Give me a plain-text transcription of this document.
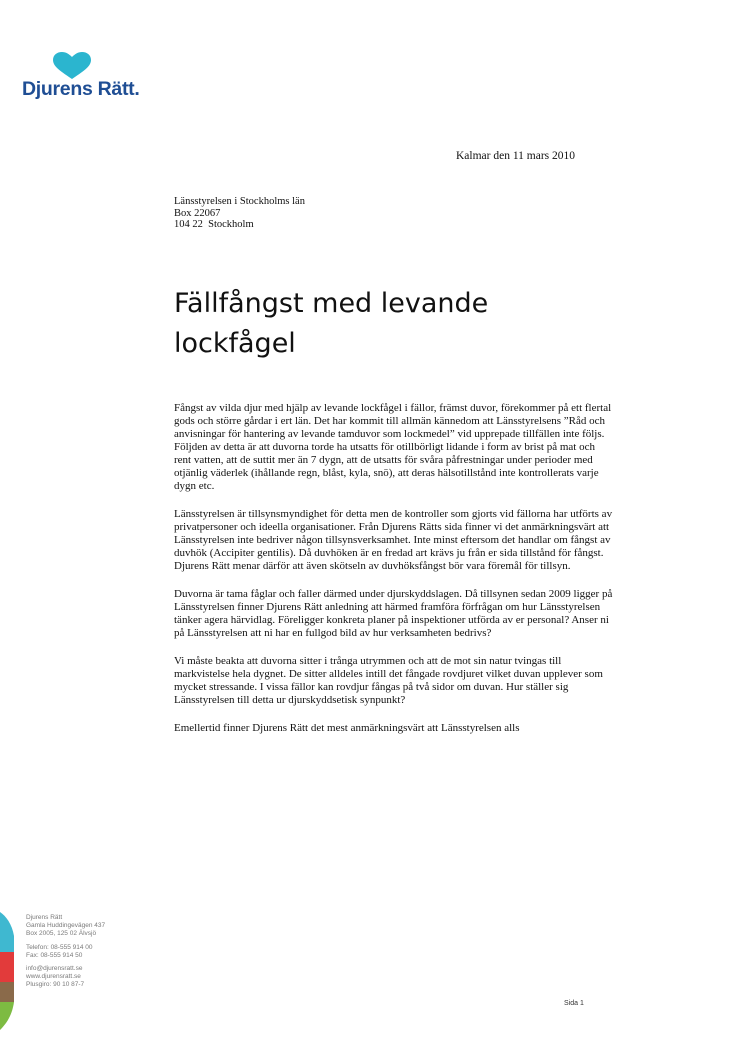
Djurens Rätt.
Kalmar den 11 mars 2010
Länsstyrelsen i Stockholms län
Box 22067
104 22  Stockholm
Fällfångst med levande lockfågel

Fångst av vilda djur med hjälp av levande lockfågel i fällor, främst duvor, förekommer på ett flertal gods och större gårdar i ert län. Det har kommit till allmän kännedom att Länsstyrelsens ”Råd och anvisningar för hantering av levande tamduvor som lockmedel” vid upprepade tillfällen inte följs. Följden av detta är att duvorna torde ha utsatts för otillbörligt lidande i form av brist på mat och rent vatten, att de suttit mer än 7 dygn, att de utsatts för svåra påfrestningar under perioder med otjänlig väderlek (ihållande regn, blåst, kyla, snö), att deras hälsotillstånd inte kontrollerats varje dygn etc.

Länsstyrelsen är tillsynsmyndighet för detta men de kontroller som gjorts vid fällorna har utförts av privatpersoner och ideella organisationer. Från Djurens Rätts sida finner vi det anmärkningsvärt att Länsstyrelsen inte bedriver någon tillsynsverksamhet. Inte minst eftersom det handlar om fångst av duvhök (Accipiter gentilis). Då duvhöken är en fredad art krävs ju från er sida tillstånd för fångst. Djurens Rätt menar därför att även skötseln av duvhöksfångst bör vara föremål för tillsyn.

Duvorna är tama fåglar och faller därmed under djurskyddslagen. Då tillsynen sedan 2009 ligger på Länsstyrelsen finner Djurens Rätt anledning att härmed framföra förfrågan om hur Länsstyrelsen tänker agera härvidlag. Föreligger konkreta planer på inspektioner utförda av er personal? Anser ni på Länsstyrelsen att ni har en fullgod bild av hur verksamheten bedrivs?

Vi måste beakta att duvorna sitter i trånga utrymmen och att de mot sin natur tvingas till markvistelse hela dygnet. De sitter alldeles intill det fångade rovdjuret vilket duvan upplever som mycket stressande. I vissa fällor kan rovdjur fångas på två sidor om duvan. Hur ställer sig Länsstyrelsen till detta ur djurskyddsetisk synpunkt?

Emellertid finner Djurens Rätt det mest anmärkningsvärt att Länsstyrelsen alls

Djurens Rätt
Gamla Huddingevägen 437
Box 2005, 125 02 Älvsjö
Telefon: 08-555 914 00
Fax: 08-555 914 50
info@djurensratt.se
www.djurensratt.se
Plusgiro: 90 10 87-7
Sida 1
